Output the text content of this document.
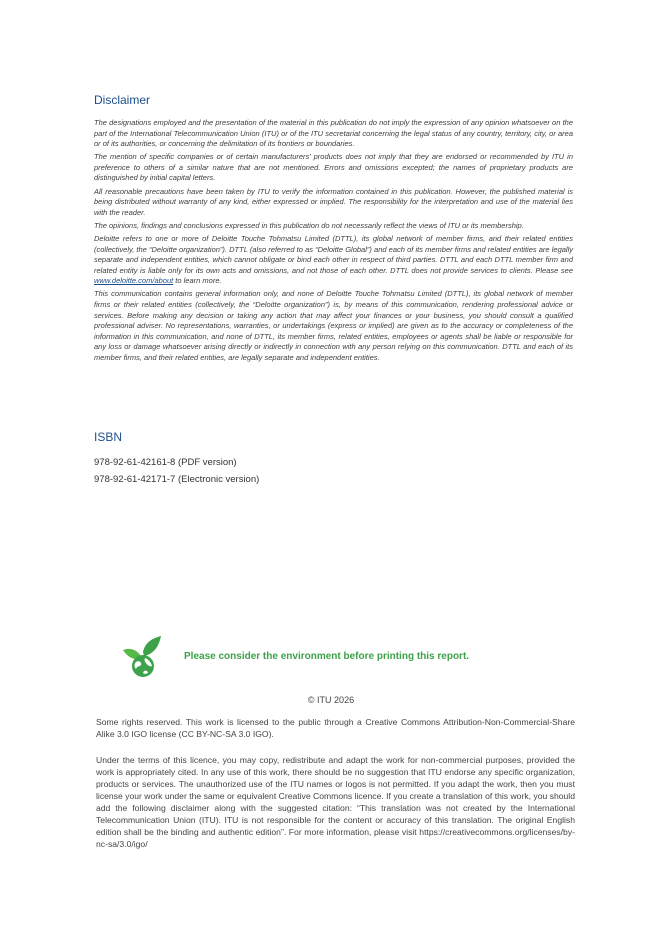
Disclaimer

The designations employed and the presentation of the material in this publication do not imply the expression of any opinion whatsoever on the part of the International Telecommunication Union (ITU) or of the ITU secretariat concerning the legal status of any country, territory, city, or area or of its authorities, or concerning the delimitation of its frontiers or boundaries.

The mention of specific companies or of certain manufacturers’ products does not imply that they are endorsed or recommended by ITU in preference to others of a similar nature that are not mentioned. Errors and omissions excepted; the names of proprietary products are distinguished by initial capital letters.

All reasonable precautions have been taken by ITU to verify the information contained in this publication. However, the published material is being distributed without warranty of any kind, either expressed or implied. The responsibility for the interpretation and use of the material lies with the reader.

The opinions, findings and conclusions expressed in this publication do not necessarily reflect the views of ITU or its membership.

Deloitte refers to one or more of Deloitte Touche Tohmatsu Limited (DTTL), its global network of member firms, and their related entities (collectively, the “Deloitte organization”). DTTL (also referred to as “Deloitte Global”) and each of its member firms and related entities are legally separate and independent entities, which cannot obligate or bind each other in respect of third parties. DTTL and each DTTL member firm and related entity is liable only for its own acts and omissions, and not those of each other. DTTL does not provide services to clients. Please see www.deloitte.com/about to learn more.

This communication contains general information only, and none of Deloitte Touche Tohmatsu Limited (DTTL), its global network of member firms or their related entities (collectively, the “Deloitte organization”) is, by means of this communication, rendering professional advice or services. Before making any decision or taking any action that may affect your finances or your business, you should consult a qualified professional adviser. No representations, warranties, or undertakings (express or implied) are given as to the accuracy or completeness of the information in this communication, and none of DTTL, its member firms, related entities, employees or agents shall be liable or responsible for any loss or damage whatsoever arising directly or indirectly in connection with any person relying on this communication. DTTL and each of its member firms, and their related entities, are legally separate and independent entities.

ISBN
978-92-61-42161-8 (PDF version)
978-92-61-42171-7 (Electronic version)
Please consider the environment before printing this report.
© ITU 2026

Some rights reserved. This work is licensed to the public through a Creative Commons Attribution-Non-Commercial-Share Alike 3.0 IGO license (CC BY-NC-SA 3.0 IGO).

Under the terms of this licence, you may copy, redistribute and adapt the work for non-commercial purposes, provided the work is appropriately cited. In any use of this work, there should be no suggestion that ITU endorse any specific organization, products or services. The unauthorized use of the ITU names or logos is not permitted. If you adapt the work, then you must license your work under the same or equivalent Creative Commons licence. If you create a translation of this work, you should add the following disclaimer along with the suggested citation: “This translation was not created by the International Telecommunication Union (ITU). ITU is not responsible for the content or accuracy of this translation. The original English edition shall be the binding and authentic edition”. For more information, please visit https://creativecommons.org/licenses/by-nc-sa/3.0/igo/
